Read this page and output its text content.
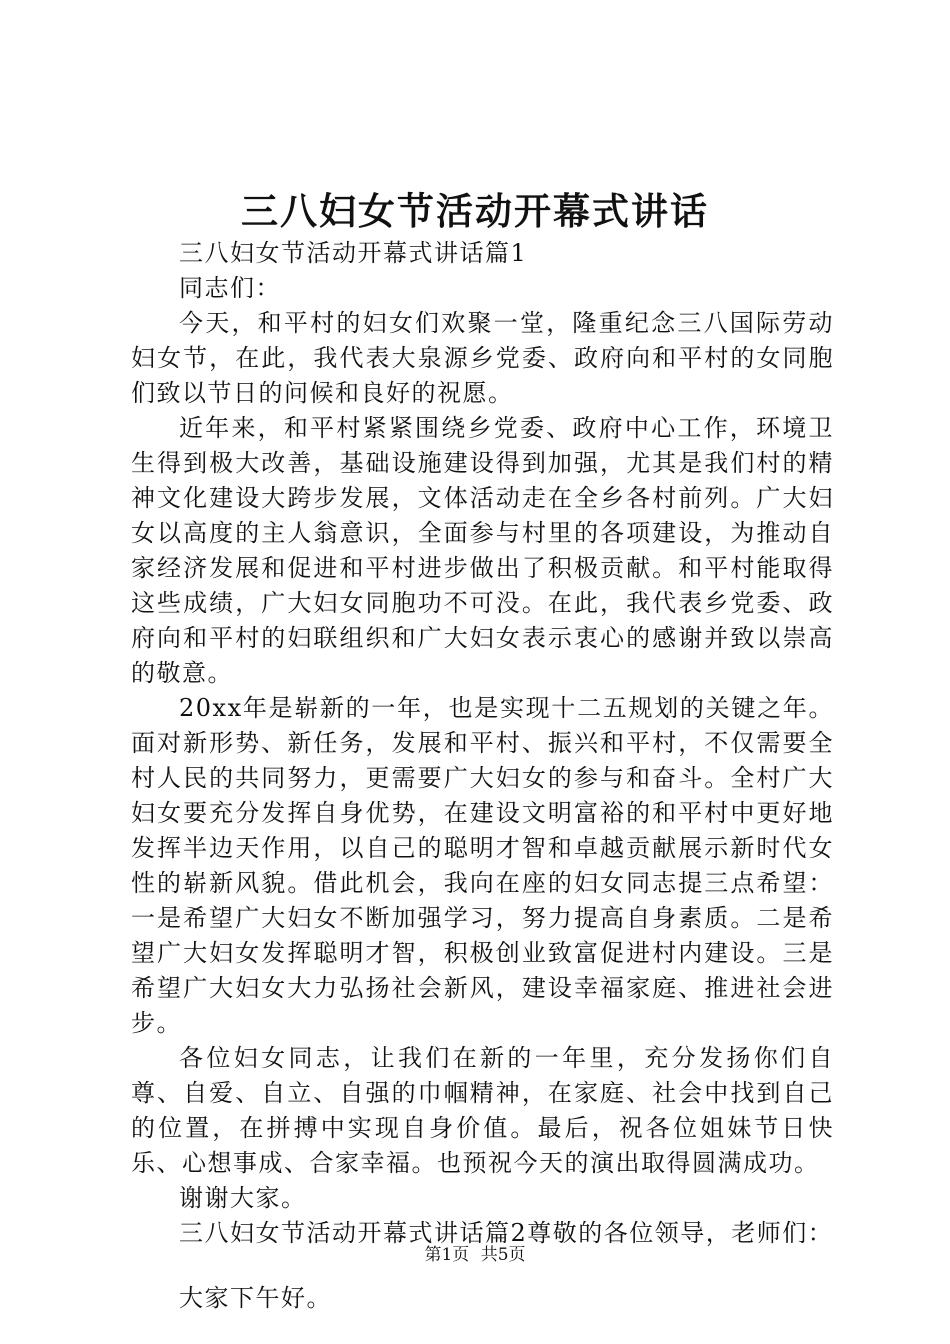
三八妇女节活动开幕式讲话

三八妇女节活动开幕式讲话篇1

同志们：

今天，和平村的妇女们欢聚一堂，隆重纪念三八国际劳动妇女节，在此，我代表大泉源乡党委、政府向和平村的女同胞们致以节日的问候和良好的祝愿。

近年来，和平村紧紧围绕乡党委、政府中心工作，环境卫生得到极大改善，基础设施建设得到加强，尤其是我们村的精神文化建设大跨步发展，文体活动走在全乡各村前列。广大妇女以高度的主人翁意识，全面参与村里的各项建设，为推动自家经济发展和促进和平村进步做出了积极贡献。和平村能取得这些成绩，广大妇女同胞功不可没。在此，我代表乡党委、政府向和平村的妇联组织和广大妇女表示衷心的感谢并致以崇高的敬意。

20xx年是崭新的一年，也是实现十二五规划的关键之年。面对新形势、新任务，发展和平村、振兴和平村，不仅需要全村人民的共同努力，更需要广大妇女的参与和奋斗。全村广大妇女要充分发挥自身优势，在建设文明富裕的和平村中更好地发挥半边天作用，以自己的聪明才智和卓越贡献展示新时代女性的崭新风貌。借此机会，我向在座的妇女同志提三点希望：一是希望广大妇女不断加强学习，努力提高自身素质。二是希望广大妇女发挥聪明才智，积极创业致富促进村内建设。三是希望广大妇女大力弘扬社会新风，建设幸福家庭、推进社会进步。

各位妇女同志，让我们在新的一年里，充分发扬你们自尊、自爱、自立、自强的巾帼精神，在家庭、社会中找到自己的位置，在拼搏中实现自身价值。最后，祝各位姐妹节日快乐、心想事成、合家幸福。也预祝今天的演出取得圆满成功。

谢谢大家。

三八妇女节活动开幕式讲话篇2尊敬的各位领导，老师们：

大家下午好。

第1页 共5页
